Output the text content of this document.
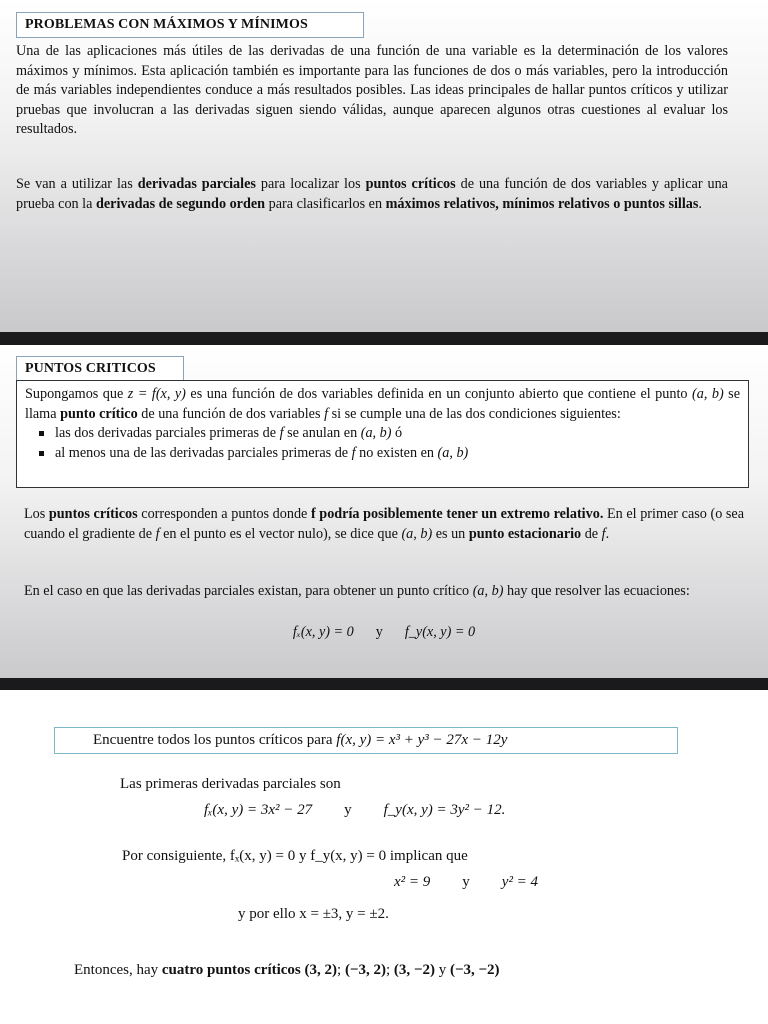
PROBLEMAS CON MÁXIMOS Y MÍNIMOS
Una de las aplicaciones más útiles de las derivadas de una función de una variable es la determinación de los valores máximos y mínimos. Esta aplicación también es importante para las funciones de dos o más variables, pero la introducción de más variables independientes conduce a más resultados posibles. Las ideas principales de hallar puntos críticos y utilizar pruebas que involucran a las derivadas siguen siendo válidas, aunque aparecen algunos otras cuestiones al evaluar los resultados.
Se van a utilizar las derivadas parciales para localizar los puntos críticos de una función de dos variables y aplicar una prueba con la derivadas de segundo orden para clasificarlos en máximos relativos, mínimos relativos o puntos sillas.
PUNTOS CRITICOS

Supongamos que z = f(x, y) es una función de dos variables definida en un conjunto abierto que contiene el punto (a, b) se llama punto crítico de una función de dos variables f si se cumple una de las dos condiciones siguientes:

las dos derivadas parciales primeras de f se anulan en (a, b) ó
al menos una de las derivadas parciales primeras de f no existen en (a, b)
Los puntos críticos corresponden a puntos donde f podría posiblemente tener un extremo relativo. En el primer caso (o sea cuando el gradiente de f en el punto es el vector nulo), se dice que (a, b) es un punto estacionario de f.
En el caso en que las derivadas parciales existan, para obtener un punto crítico (a, b) hay que resolver las ecuaciones:
fₓ(x, y) = 0 y f_y(x, y) = 0
Encuentre todos los puntos críticos para f(x, y) = x³ + y³ − 27x − 12y
Las primeras derivadas parciales son
fₓ(x, y) = 3x² − 27 y f_y(x, y) = 3y² − 12.
Por consiguiente, fₓ(x, y) = 0 y f_y(x, y) = 0 implican que
x² = 9 y y² = 4
y por ello x = ±3, y = ±2.
Entonces, hay cuatro puntos críticos (3, 2); (−3, 2); (3, −2) y (−3, −2)
